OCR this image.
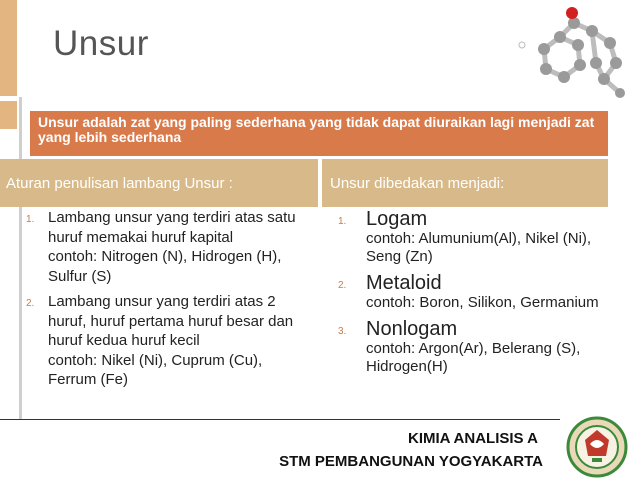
Unsur
Unsur adalah zat yang paling sederhana yang tidak dapat diuraikan lagi menjadi zat yang lebih sederhana
Aturan penulisan lambang Unsur :	Unsur dibedakan menjadi:
1. Lambang unsur yang terdiri atas satu huruf memakai huruf kapital
contoh: Nitrogen (N), Hidrogen (H), Sulfur (S)
2. Lambang unsur yang terdiri atas 2 huruf, huruf pertama huruf besar dan huruf kedua huruf kecil
contoh: Nikel (Ni), Cuprum (Cu), Ferrum (Fe)
1. Logam
contoh: Alumunium(Al), Nikel (Ni), Seng (Zn)
2. Metaloid
contoh: Boron, Silikon, Germanium
3. Nonlogam
contoh: Argon(Ar), Belerang (S), Hidrogen(H)
KIMIA ANALISIS A
STM PEMBANGUNAN YOGYAKARTA
